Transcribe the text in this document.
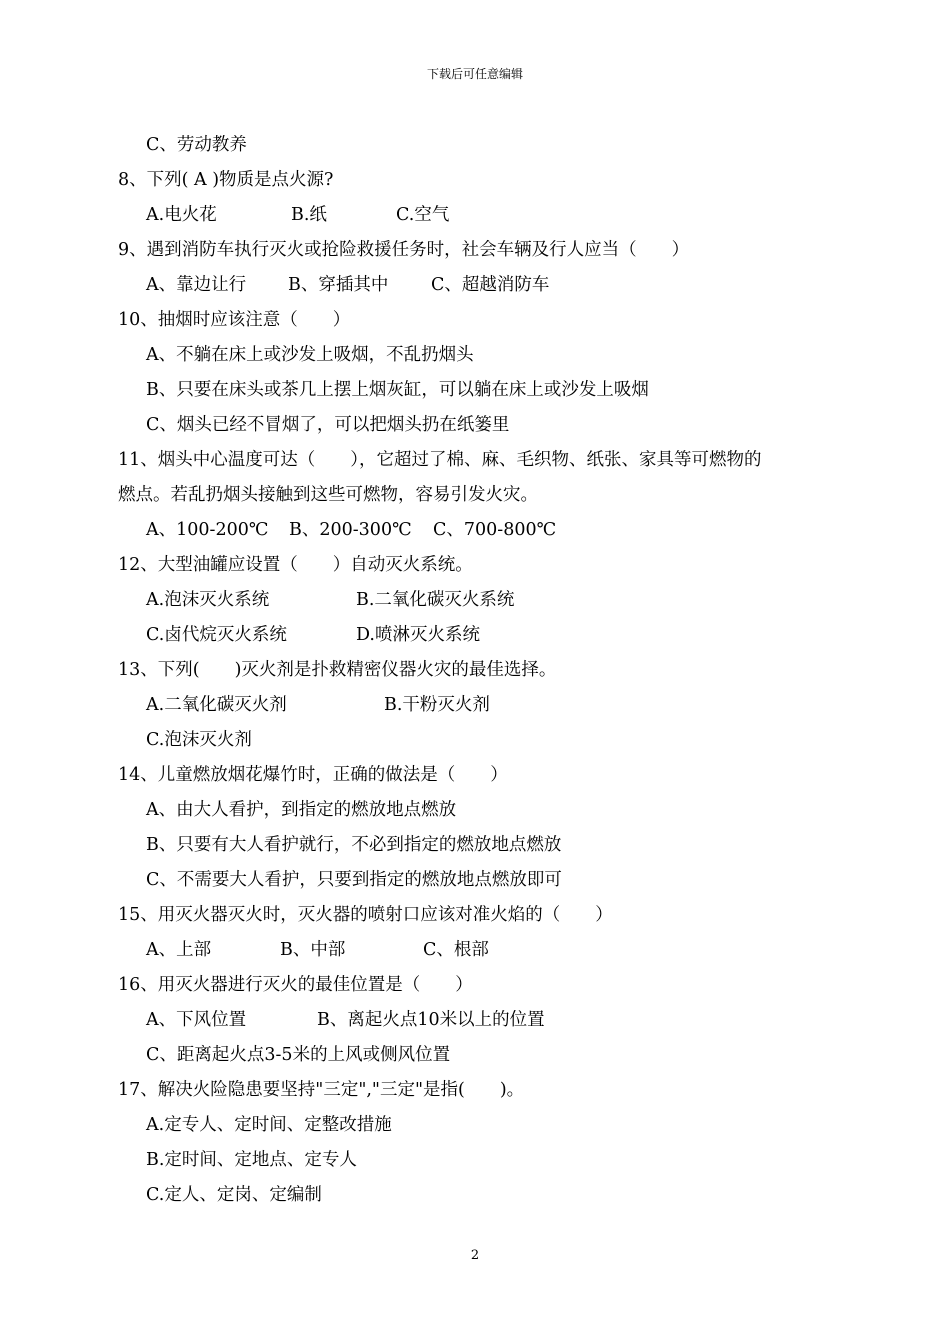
下载后可任意编辑
C、劳动教养
8、下列( A )物质是点火源?
A.电火花	B.纸	C.空气
9、遇到消防车执行灭火或抢险救援任务时，社会车辆及行人应当（　　）
A、靠边让行 B、穿插其中 C、超越消防车
10、抽烟时应该注意（　　）
A、不躺在床上或沙发上吸烟，不乱扔烟头
B、只要在床头或茶几上摆上烟灰缸，可以躺在床上或沙发上吸烟
C、烟头已经不冒烟了，可以把烟头扔在纸篓里
11、烟头中心温度可达（　　），它超过了棉、麻、毛织物、纸张、家具等可燃物的
燃点。若乱扔烟头接触到这些可燃物，容易引发火灾。
A、100-200℃ B、200-300℃ C、700-800℃
12、大型油罐应设置（　　）自动灭火系统。
A.泡沫灭火系统	B.二氧化碳灭火系统
C.卤代烷灭火系统	D.喷淋灭火系统
13、下列(　　)灭火剂是扑救精密仪器火灾的最佳选择。
A.二氧化碳灭火剂	B.干粉灭火剂
C.泡沫灭火剂
14、儿童燃放烟花爆竹时，正确的做法是（　　）
A、由大人看护，到指定的燃放地点燃放
B、只要有大人看护就行，不必到指定的燃放地点燃放
C、不需要大人看护，只要到指定的燃放地点燃放即可
15、用灭火器灭火时，灭火器的喷射口应该对准火焰的（　　）
A、上部	B、中部	C、根部
16、用灭火器进行灭火的最佳位置是（　　）
A、下风位置	B、离起火点10米以上的位置
C、距离起火点3-5米的上风或侧风位置
17、解决火险隐患要坚持"三定","三定"是指(　　)。
A.定专人、定时间、定整改措施
B.定时间、定地点、定专人
C.定人、定岗、定编制
2
